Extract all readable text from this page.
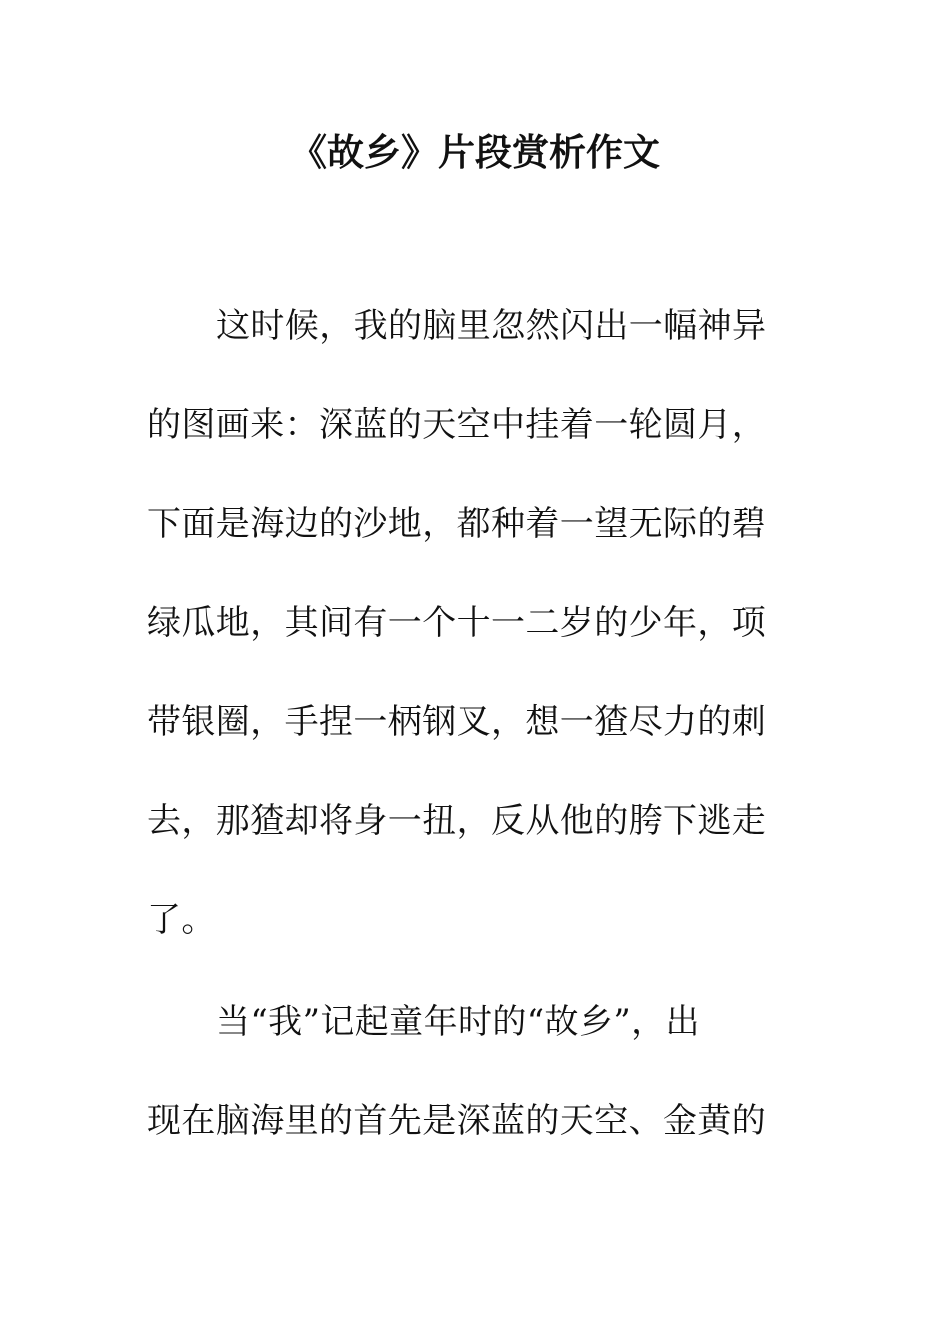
《故乡》片段赏析作文

这时候，我的脑里忽然闪出一幅神异

的图画来：深蓝的天空中挂着一轮圆月，

下面是海边的沙地，都种着一望无际的碧

绿瓜地，其间有一个十一二岁的少年，项

带银圈，手捏一柄钢叉，想一猹尽力的刺

去，那猹却将身一扭，反从他的胯下逃走

了。

当“我”记起童年时的“故乡”，出

现在脑海里的首先是深蓝的天空、金黄的
